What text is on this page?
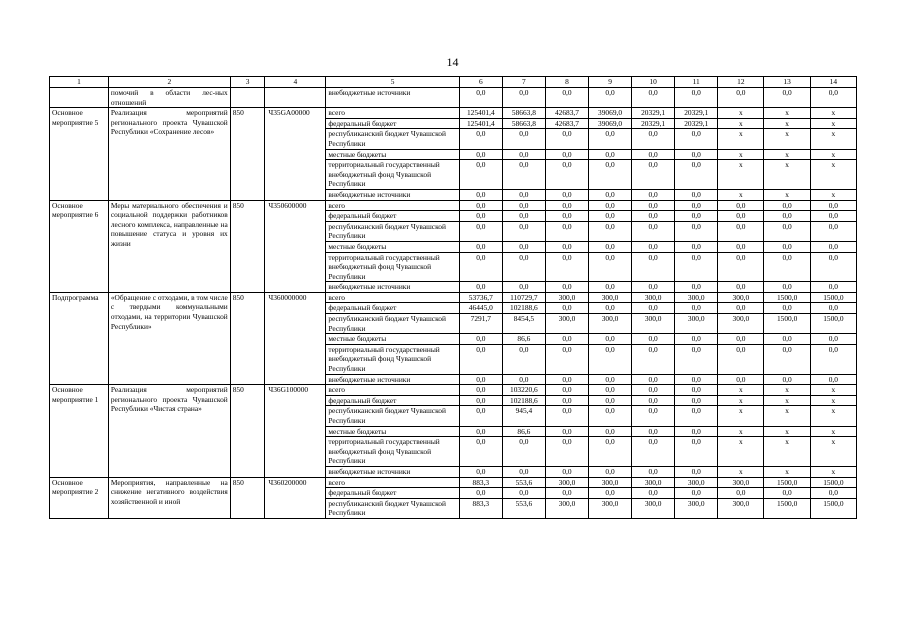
14
1	2	3	4	5	6	7	8	9	10	11	12	13	14
	помочий в области лес-ных отношений			внебюджетные источники	0,0	0,0	0,0	0,0	0,0	0,0	0,0	0,0	0,0
Основное мероприятие 5	Реализация мероприятий регионального проекта Чувашской Республики «Сохранение лесов»	850	Ч35GA00000	всего	125401,4	58663,8	42683,7	39069,0	20329,1	20329,1	x	x	x
				федеральный бюджет	125401,4	58663,8	42683,7	39069,0	20329,1	20329,1	x	x	x
				республиканский бюджет Чувашской Республики	0,0	0,0	0,0	0,0	0,0	0,0	x	x	x
				местные бюджеты	0,0	0,0	0,0	0,0	0,0	0,0	x	x	x
				территориальный государственный внебюджетный фонд Чувашской Республики	0,0	0,0	0,0	0,0	0,0	0,0	x	x	x
				внебюджетные источники	0,0	0,0	0,0	0,0	0,0	0,0	x	x	x
Основное мероприятие 6	Меры материального обеспечения и социальной поддержки работников лесного комплекса, направленные на повышение статуса и уровня их жизни	850	Ч350600000	всего	0,0	0,0	0,0	0,0	0,0	0,0	0,0	0,0	0,0
				федеральный бюджет	0,0	0,0	0,0	0,0	0,0	0,0	0,0	0,0	0,0
				республиканский бюджет Чувашской Республики	0,0	0,0	0,0	0,0	0,0	0,0	0,0	0,0	0,0
				местные бюджеты	0,0	0,0	0,0	0,0	0,0	0,0	0,0	0,0	0,0
				территориальный государственный внебюджетный фонд Чувашской Республики	0,0	0,0	0,0	0,0	0,0	0,0	0,0	0,0	0,0
				внебюджетные источники	0,0	0,0	0,0	0,0	0,0	0,0	0,0	0,0	0,0
Подпрограмма	«Обращение с отходами, в том числе с твердыми коммунальными отходами, на территории Чувашской Республики»	850	Ч360000000	всего	53736,7	110729,7	300,0	300,0	300,0	300,0	300,0	1500,0	1500,0
				федеральный бюджет	46445,0	102188,6	0,0	0,0	0,0	0,0	0,0	0,0	0,0
				республиканский бюджет Чувашской Республики	7291,7	8454,5	300,0	300,0	300,0	300,0	300,0	1500,0	1500,0
				местные бюджеты	0,0	86,6	0,0	0,0	0,0	0,0	0,0	0,0	0,0
				территориальный государственный внебюджетный фонд Чувашской Республики	0,0	0,0	0,0	0,0	0,0	0,0	0,0	0,0	0,0
				внебюджетные источники	0,0	0,0	0,0	0,0	0,0	0,0	0,0	0,0	0,0
Основное мероприятие 1	Реализация мероприятий регионального проекта Чувашской Республики «Чистая страна»	850	Ч36G100000	всего	0,0	103220,6	0,0	0,0	0,0	0,0	x	x	x
				федеральный бюджет	0,0	102188,6	0,0	0,0	0,0	0,0	x	x	x
				республиканский бюджет Чувашской Республики	0,0	945,4	0,0	0,0	0,0	0,0	x	x	x
				местные бюджеты	0,0	86,6	0,0	0,0	0,0	0,0	x	x	x
				территориальный государственный внебюджетный фонд Чувашской Республики	0,0	0,0	0,0	0,0	0,0	0,0	x	x	x
				внебюджетные источники	0,0	0,0	0,0	0,0	0,0	0,0	x	x	x
Основное мероприятие 2	Мероприятия, направленные на снижение негативного воздействия хозяйственной и иной	850	Ч360200000	всего	883,3	553,6	300,0	300,0	300,0	300,0	300,0	1500,0	1500,0
				федеральный бюджет	0,0	0,0	0,0	0,0	0,0	0,0	0,0	0,0	0,0
				республиканский бюджет Чувашской Республики	883,3	553,6	300,0	300,0	300,0	300,0	300,0	1500,0	1500,0
